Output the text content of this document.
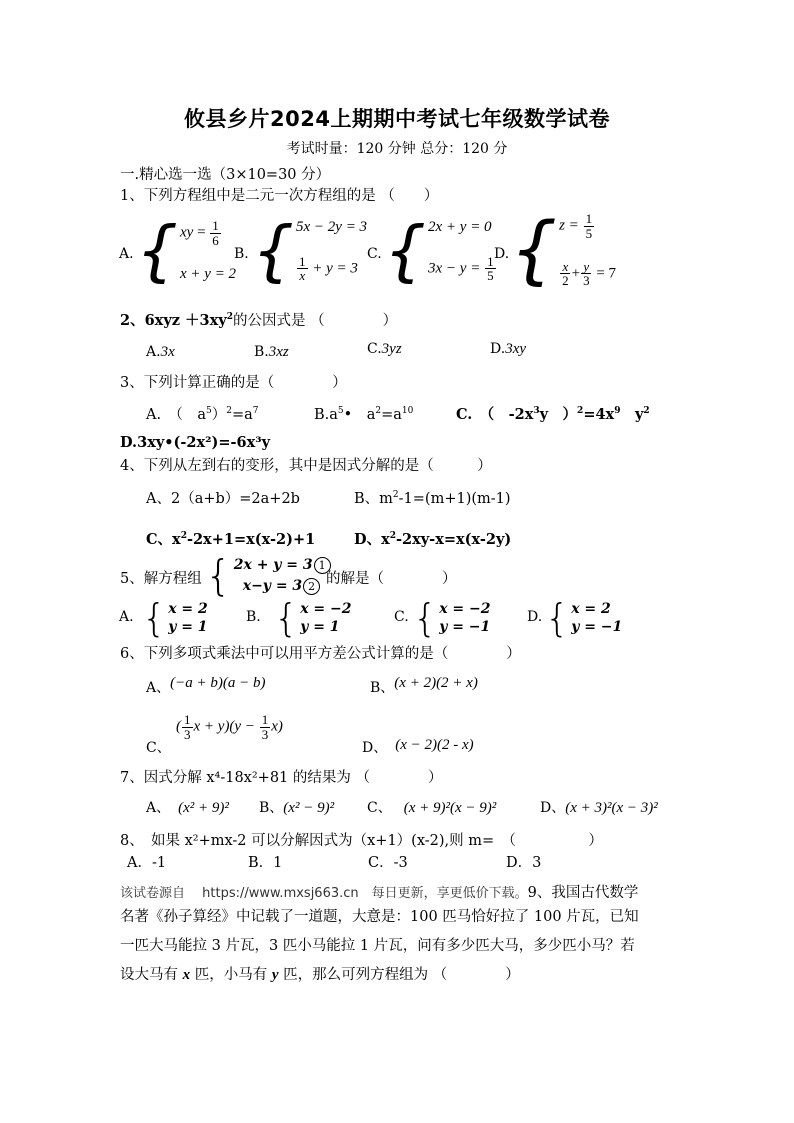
攸县乡片2024上期期中考试七年级数学试卷
考试时量：120 分钟 总分：120 分
一.精心选一选（3×10=30 分）
1、下列方程组中是二元一次方程组的是 （　　）
A. { xy = $\frac{1}{6}$
x + y = 2
B. { 5x − 2y = 3
$\frac{1}{x} + y = 3$
C. { 2x + y = 0
$3x - y = \frac{1}{5}$
D. { $z = \frac{1}{5}$
$\frac{x}{2} + \frac{y}{3} = 7$
2、$6xyz +3xy^2$的公因式是 （　　　　）
A.3x	B.3xz	C.3yz	D.3xy
3、下列计算正确的是（　　　　）
A.　（　$a^5)^2=a^7$	$B.a^5•$　$a^2=a^{10}$	C.　（　$-2x^3y$　）$^2=4x^9$　$y^2$
D.3xy•(-2x²)=-6x³y
4、下列从左到右的变形，其中是因式分解的是（　　　）
A、2（a+b）=2a+2b	B、$m^2-1=(m+1)(m-1)$
C、$x^2-2x+1=x(x-2)+1$	D、$x^2-2xy-x=x(x-2y)$
5、解方程组 { 2x + y = 3 1
x−y = 3 2 的解是（　　　　）
A. { x = 2
y = 1
B. { x = −2
y = 1
C. { x = −2
y = −1
D. { x = 2
y = −1
6、下列多项式乘法中可以用平方差公式计算的是（　　　　）
A、(−a + b)(a − b)	B、(x + 2)(2 + x)
C、
( $\frac{1}{3}$ $x + y)(y - \frac{1}{3} x)$
D、 (x − 2)(2 - x)
7、因式分解 x⁴-18x²+81 的结果为 （　　　　）
A、 (x² + 9)² B、(x² − 9)² C、 (x + 9)²(x − 9)²	D、(x + 3)²(x − 3)²
8、　如果 x²+mx-2 可以分解因式为（x+1）(x-2),则 m=　（　　　　　）
A．-1	B．1	C．-3	D．3
该试卷源自　 https://www.mxsj663.cn　每日更新，享更低价下载。9、我国古代数学
名著《孙子算经》中记载了一道题，大意是：100 匹马恰好拉了 100 片瓦，已知
一匹大马能拉 3 片瓦，3 匹小马能拉 1 片瓦，问有多少匹大马，多少匹小马？若
设大马有 x 匹，小马有 y 匹，那么可列方程组为 （　　　　）
